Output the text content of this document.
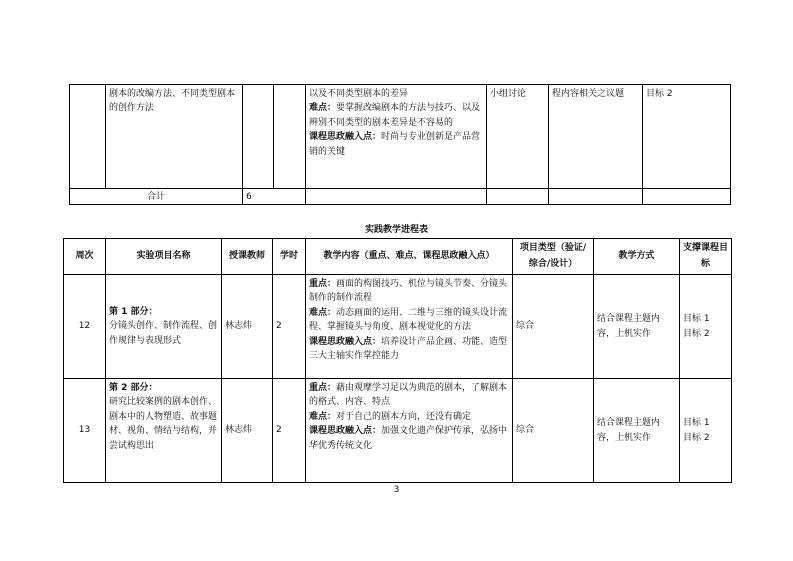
	剧本的改编方法、不同类型剧本的创作方法			以及不同类型剧本的差异
难点：要掌握改编剧本的方法与技巧、以及辨别不同类型的剧本差异是不容易的
课程思政融入点：时尚与专业创新是产品营销的关键	小组讨论	程内容相关之议题	目标 2
合计		6					
实践教学进程表
周次	实验项目名称	授课教师	学时	教学内容（重点、难点、课程思政融入点）	项目类型（验证/综合/设计）	教学方式	支撑课程目标
12	第 1 部分：
分镜头创作、制作流程、创作规律与表现形式	林志炜	2	重点：画面的构图技巧、机位与镜头节奏、分镜头制作的制作流程
难点：动态画面的运用、二维与三维的镜头设计流程、掌握镜头与角度、剧本视觉化的方法
课程思政融入点：培养设计产品企画、功能、造型三大主轴实作掌控能力	综合	结合课程主题内容，上机实作	目标 1
目标 2

13	第 2 部分：
研究比较案例的剧本创作、剧本中的人物塑造、故事题材、视角、情结与结构，并尝试构思出	林志炜	2	重点：藉由观摩学习足以为典范的剧本，了解剧本的格式、内容、特点
难点：对于自己的剧本方向，还没有确定
课程思政融入点：加强文化遗产保护传承，弘扬中华优秀传统文化	综合	结合课程主题内容，上机实作	目标 1
目标 2
3
